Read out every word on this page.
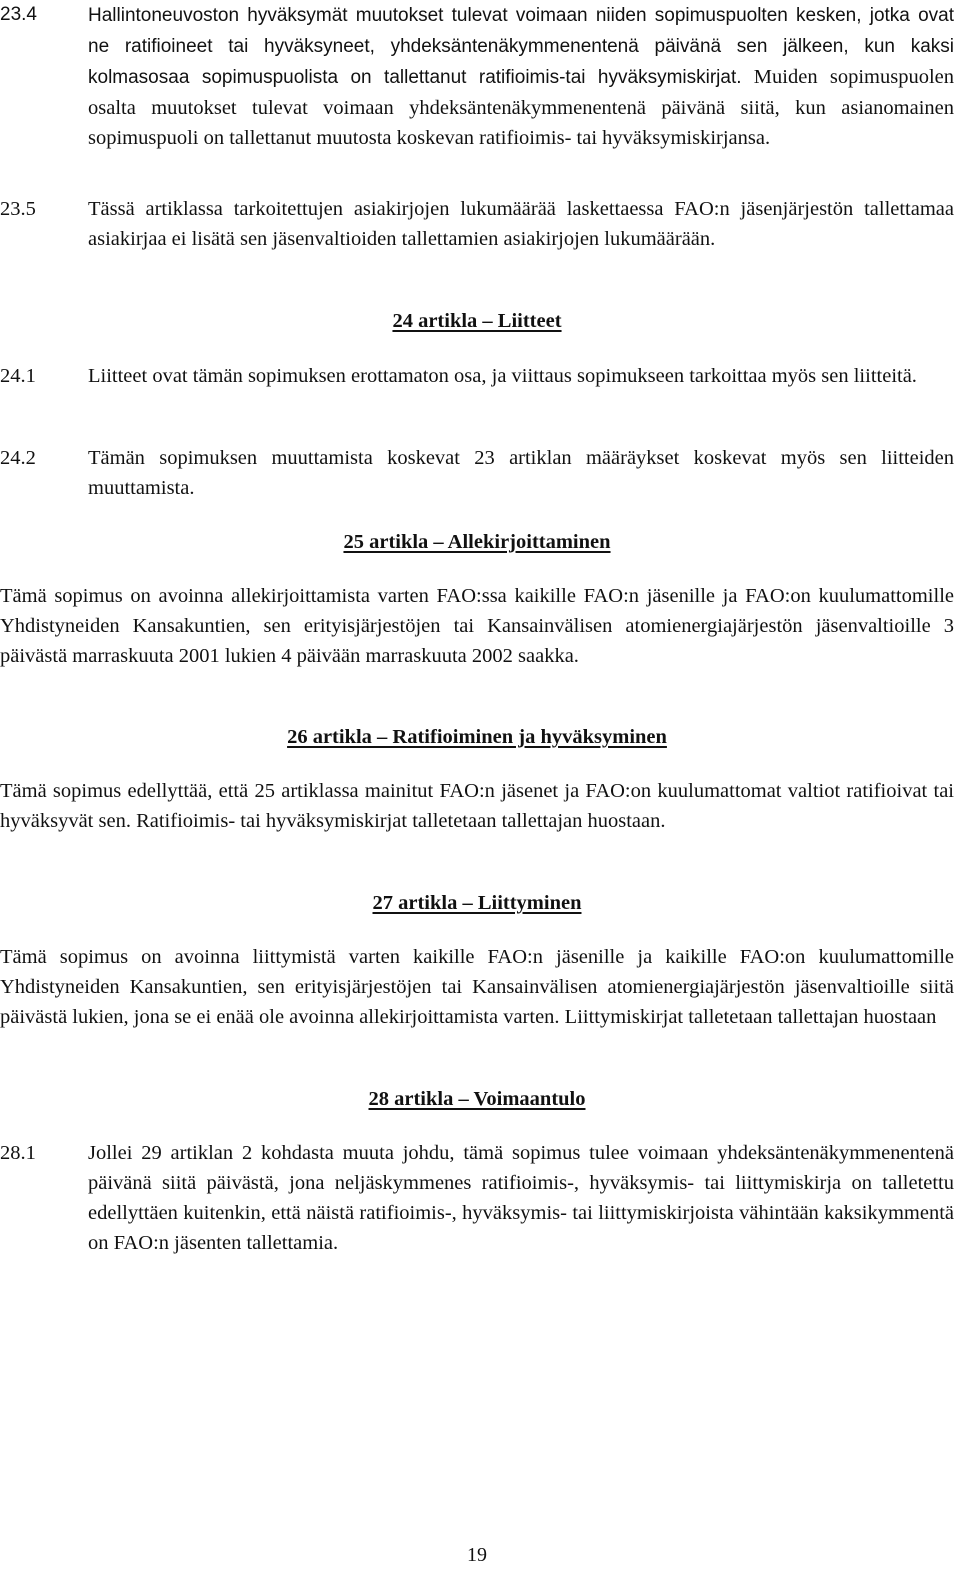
23.4	Hallintoneuvoston hyväksymät muutokset tulevat voimaan niiden sopimuspuolten kesken, jotka ovat ne ratifioineet tai hyväksyneet, yhdeksäntenäkymmenentenä päivänä sen jälkeen, kun kaksi kolmasosaa sopimuspuolista on tallettanut ratifioimis-tai hyväksymiskirjat. Muiden sopimuspuolen osalta muutokset tulevat voimaan yhdeksäntenäkymmenentenä päivänä siitä, kun asianomainen sopimuspuoli on tallettanut muutosta koskevan ratifioimis- tai hyväksymiskirjansa.
23.5	Tässä artiklassa tarkoitettujen asiakirjojen lukumäärää laskettaessa FAO:n jäsenjärjestön tallettamaa asiakirjaa ei lisätä sen jäsenvaltioiden tallettamien asiakirjojen lukumäärään.
24 artikla – Liitteet
24.1	Liitteet ovat tämän sopimuksen erottamaton osa, ja viittaus sopimukseen tarkoittaa myös sen liitteitä.
24.2	Tämän sopimuksen muuttamista koskevat 23 artiklan määräykset koskevat myös sen liitteiden muuttamista.
25 artikla – Allekirjoittaminen
Tämä sopimus on avoinna allekirjoittamista varten FAO:ssa kaikille FAO:n jäsenille ja FAO:on kuulumattomille Yhdistyneiden Kansakuntien, sen erityisjärjestöjen tai Kansainvälisen atomienergiajärjestön jäsenvaltioille 3 päivästä marraskuuta 2001 lukien 4 päivään marraskuuta 2002 saakka.
26 artikla – Ratifioiminen ja hyväksyminen
Tämä sopimus edellyttää, että 25 artiklassa mainitut FAO:n jäsenet ja FAO:on kuulumattomat valtiot ratifioivat tai hyväksyvät sen. Ratifioimis- tai hyväksymiskirjat talletetaan tallettajan huostaan.
27 artikla – Liittyminen
Tämä sopimus on avoinna liittymistä varten kaikille FAO:n jäsenille ja kaikille FAO:on kuulumattomille Yhdistyneiden Kansakuntien, sen erityisjärjestöjen tai Kansainvälisen atomienergiajärjestön jäsenvaltioille siitä päivästä lukien, jona se ei enää ole avoinna allekirjoittamista varten. Liittymiskirjat talletetaan tallettajan huostaan
28 artikla – Voimaantulo
28.1	Jollei 29 artiklan 2 kohdasta muuta johdu, tämä sopimus tulee voimaan yhdeksäntenäkymmenentenä päivänä siitä päivästä, jona neljäskymmenes ratifioimis-, hyväksymis- tai liittymiskirja on talletettu edellyttäen kuitenkin, että näistä ratifioimis-, hyväksymis- tai liittymiskirjoista vähintään kaksikymmentä on FAO:n jäsenten tallettamia.
19
